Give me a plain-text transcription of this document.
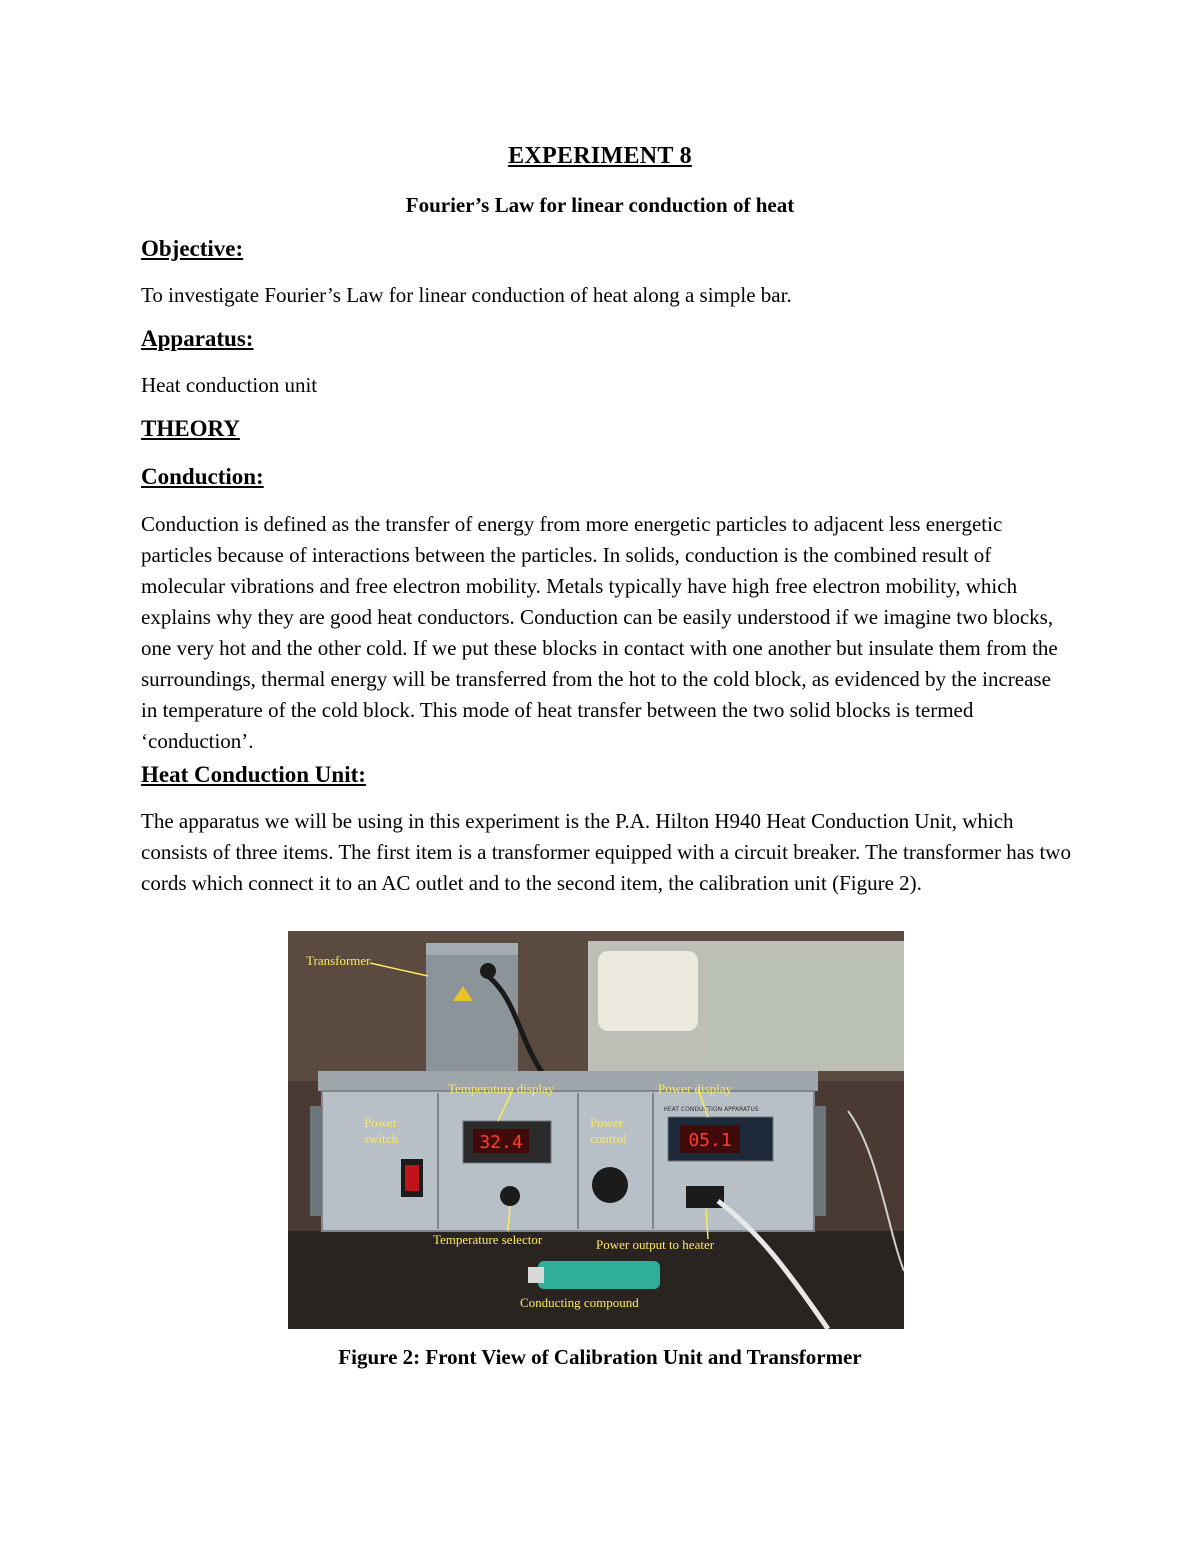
EXPERIMENT 8
Fourier’s Law for linear conduction of heat
Objective:
To investigate Fourier’s Law for linear conduction of heat along a simple bar.
Apparatus:
Heat conduction unit
THEORY
Conduction:
Conduction is defined as the transfer of energy from more energetic particles to adjacent less energetic particles because of interactions between the particles. In solids, conduction is the combined result of molecular vibrations and free electron mobility. Metals typically have high free electron mobility, which explains why they are good heat conductors. Conduction can be easily understood if we imagine two blocks, one very hot and the other cold. If we put these blocks in contact with one another but insulate them from the surroundings, thermal energy will be transferred from the hot to the cold block, as evidenced by the increase in temperature of the cold block. This mode of heat transfer between the two solid blocks is termed ‘conduction’.
Heat Conduction Unit:
The apparatus we will be using in this experiment is the P.A. Hilton H940 Heat Conduction Unit, which consists of three items. The first item is a transformer equipped with a circuit breaker. The transformer has two cords which connect it to an AC outlet and to the second item, the calibration unit (Figure 2).
32.4	05.1
HEAT CONDUCTION APPARATUS
Transformer
Temperature display	Power display
Power
switch
Power
control
Temperature selector	Power output to heater
Conducting compound
Figure 2: Front View of Calibration Unit and Transformer
